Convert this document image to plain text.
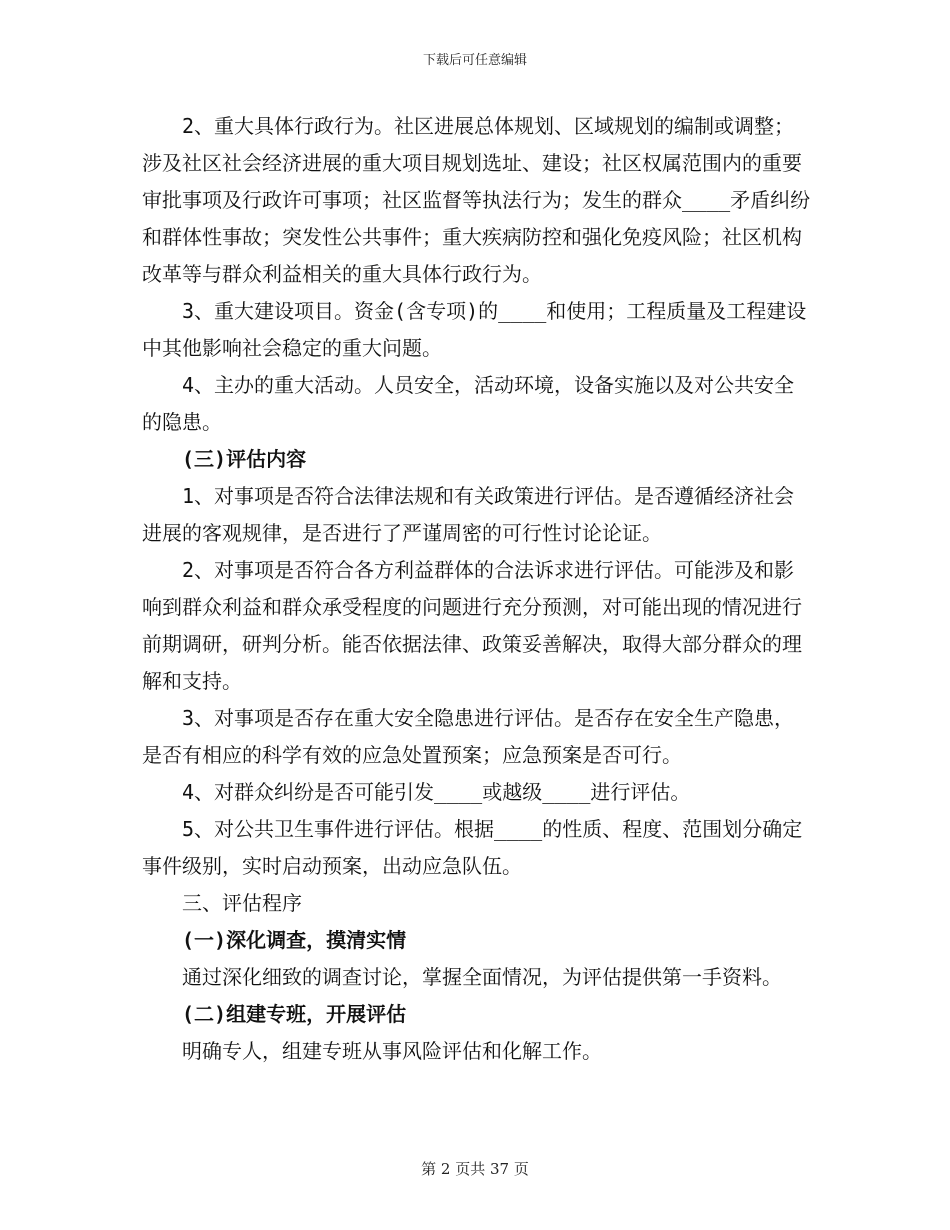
下载后可任意编辑

2、重大具体行政行为。社区进展总体规划、区域规划的编制或调整；涉及社区社会经济进展的重大项目规划选址、建设；社区权属范围内的重要审批事项及行政许可事项；社区监督等执法行为；发生的群众____矛盾纠纷和群体性事故；突发性公共事件；重大疾病防控和强化免疫风险；社区机构改革等与群众利益相关的重大具体行政行为。

3、重大建设项目。资金(含专项)的____和使用；工程质量及工程建设中其他影响社会稳定的重大问题。

4、主办的重大活动。人员安全，活动环境，设备实施以及对公共安全的隐患。

(三)评估内容

1、对事项是否符合法律法规和有关政策进行评估。是否遵循经济社会进展的客观规律，是否进行了严谨周密的可行性讨论论证。

2、对事项是否符合各方利益群体的合法诉求进行评估。可能涉及和影响到群众利益和群众承受程度的问题进行充分预测，对可能出现的情况进行前期调研，研判分析。能否依据法律、政策妥善解决，取得大部分群众的理解和支持。

3、对事项是否存在重大安全隐患进行评估。是否存在安全生产隐患，是否有相应的科学有效的应急处置预案；应急预案是否可行。

4、对群众纠纷是否可能引发____或越级____进行评估。

5、对公共卫生事件进行评估。根据____的性质、程度、范围划分确定事件级别，实时启动预案，出动应急队伍。

三、评估程序

(一)深化调查，摸清实情

通过深化细致的调查讨论，掌握全面情况，为评估提供第一手资料。

(二)组建专班，开展评估

明确专人，组建专班从事风险评估和化解工作。

第 2 页共 37 页
